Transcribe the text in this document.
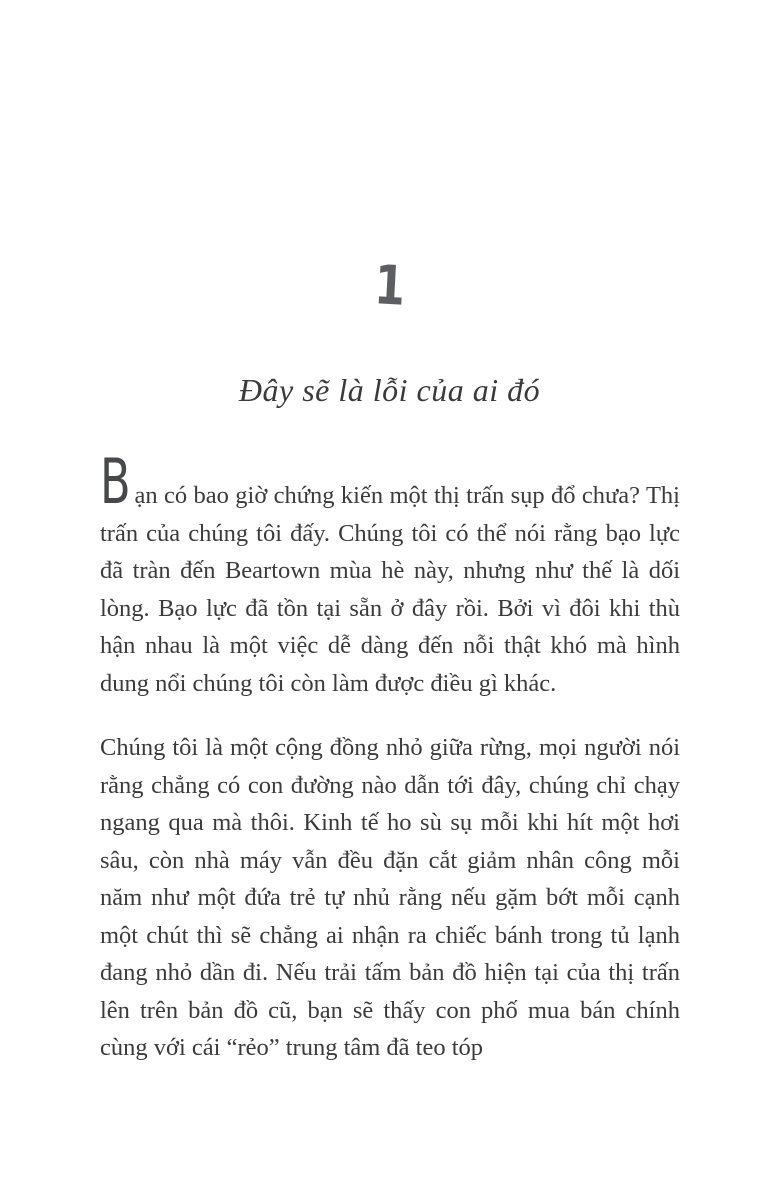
1
Đây sẽ là lỗi của ai đó

Bạn có bao giờ chứng kiến một thị trấn sụp đổ chưa? Thị trấn của chúng tôi đấy. Chúng tôi có thể nói rằng bạo lực đã tràn đến Beartown mùa hè này, nhưng như thế là dối lòng. Bạo lực đã tồn tại sẵn ở đây rồi. Bởi vì đôi khi thù hận nhau là một việc dễ dàng đến nỗi thật khó mà hình dung nổi chúng tôi còn làm được điều gì khác.

Chúng tôi là một cộng đồng nhỏ giữa rừng, mọi người nói rằng chẳng có con đường nào dẫn tới đây, chúng chỉ chạy ngang qua mà thôi. Kinh tế ho sù sụ mỗi khi hít một hơi sâu, còn nhà máy vẫn đều đặn cắt giảm nhân công mỗi năm như một đứa trẻ tự nhủ rằng nếu gặm bớt mỗi cạnh một chút thì sẽ chẳng ai nhận ra chiếc bánh trong tủ lạnh đang nhỏ dần đi. Nếu trải tấm bản đồ hiện tại của thị trấn lên trên bản đồ cũ, bạn sẽ thấy con phố mua bán chính cùng với cái “rẻo” trung tâm đã teo tóp
